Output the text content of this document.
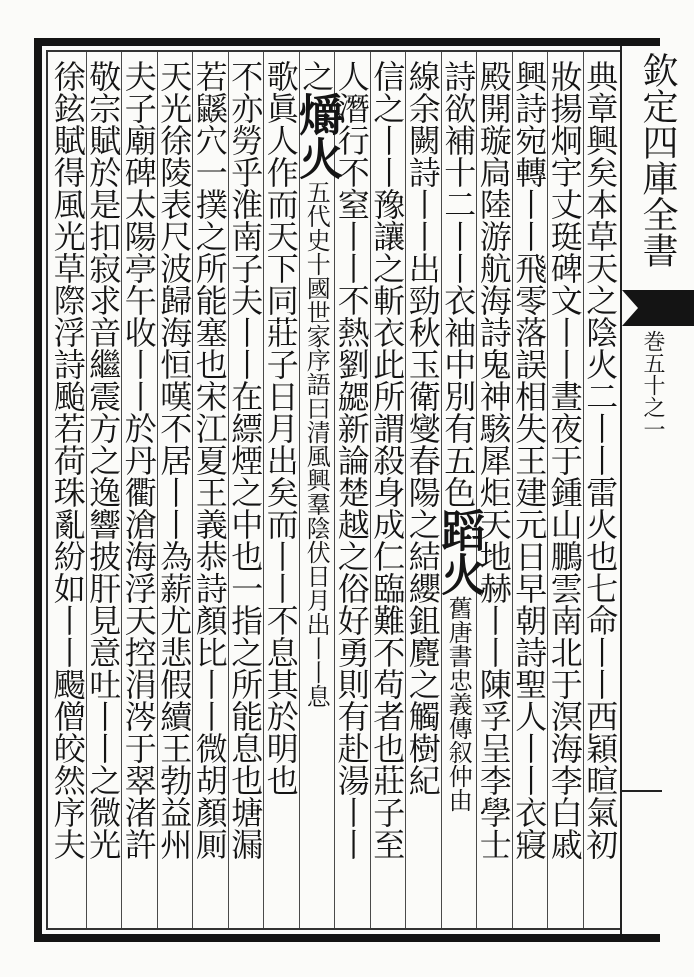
典章興矣本草天之陰火二丨丨雷火也七命丨丨西穎暄氣初
妝揚炯宇丈珽碑文丨丨晝夜于鍾山鵬雲南北于溟海李白戚
興詩宛轉丨丨飛零落誤相失王建元日早朝詩聖人丨丨衣寢
殿開璇扃陸游航海詩鬼神駭犀炬天地赫丨丨陳孚呈李學士
詩欲補十二丨丨衣袖中別有五色蹈火舊唐書忠義傳叙仲由
線余闕詩丨丨出勁秋玉衛燮春陽之結纓鉏麑之觸樹紀
信之丨丨豫讓之斬衣此所謂殺身成仁臨難不苟者也莊子至
人潛行不窒丨丨不熱劉勰新論楚越之俗好勇則有赴湯丨丨
之爝火五代史十國世家序語曰清風興羣陰伏日月出丨丨息
歌眞人作而天下同莊子日月出矣而丨丨不息其於明也
不亦勞乎淮南子夫丨丨在縹煙之中也一指之所能息也塘漏
若鼷穴一撲之所能塞也宋江夏王義恭詩顏比丨丨微胡顏厠
天光徐陵表尺波歸海恒嘆不居丨丨為薪尤悲假續王勃益州
夫子廟碑太陽亭午收丨丨於丹衢滄海浮天控涓涔于翠渚許
敬宗賦於是扣寂求音繼震方之逸響披肝見意吐丨丨之微光
徐鉉賦得風光草際浮詩颱若荷珠亂紛如丨丨颺僧皎然序夫	欽定四庫全書
巻五十之一
